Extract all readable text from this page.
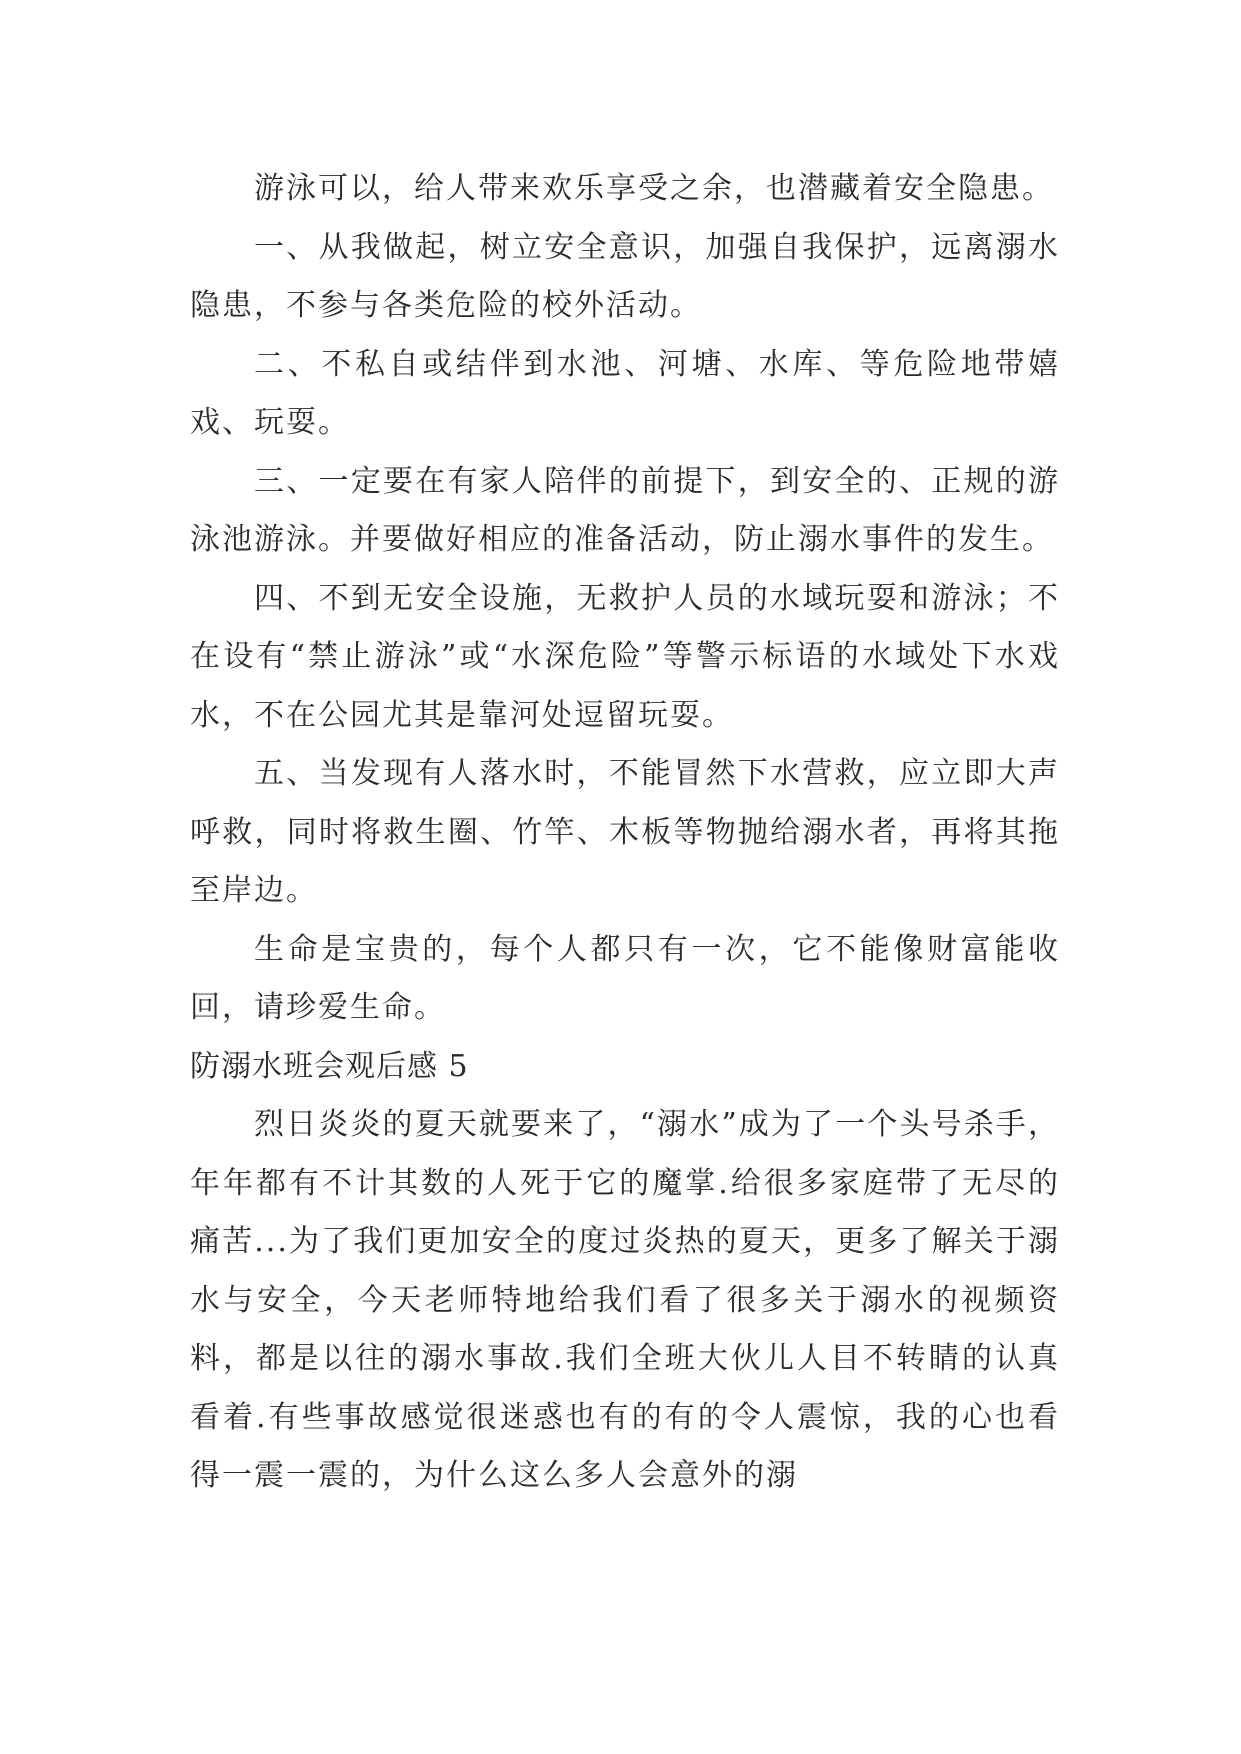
游泳可以，给人带来欢乐享受之余，也潜藏着安全隐患。

一、从我做起，树立安全意识，加强自我保护，远离溺水隐患，不参与各类危险的校外活动。

二、不私自或结伴到水池、河塘、水库、等危险地带嬉戏、玩耍。

三、一定要在有家人陪伴的前提下，到安全的、正规的游泳池游泳。并要做好相应的准备活动，防止溺水事件的发生。

四、不到无安全设施，无救护人员的水域玩耍和游泳；不在设有“禁止游泳”或“水深危险”等警示标语的水域处下水戏水，不在公园尤其是靠河处逗留玩耍。

五、当发现有人落水时，不能冒然下水营救，应立即大声呼救，同时将救生圈、竹竿、木板等物抛给溺水者，再将其拖至岸边。

生命是宝贵的，每个人都只有一次，它不能像财富能收回，请珍爱生命。

防溺水班会观后感 5

烈日炎炎的夏天就要来了，“溺水”成为了一个头号杀手，年年都有不计其数的人死于它的魔掌.给很多家庭带了无尽的痛苦...为了我们更加安全的度过炎热的夏天，更多了解关于溺水与安全，今天老师特地给我们看了很多关于溺水的视频资料，都是以往的溺水事故.我们全班大伙儿人目不转睛的认真看着.有些事故感觉很迷惑也有的有的令人震惊，我的心也看得一震一震的，为什么这么多人会意外的溺
